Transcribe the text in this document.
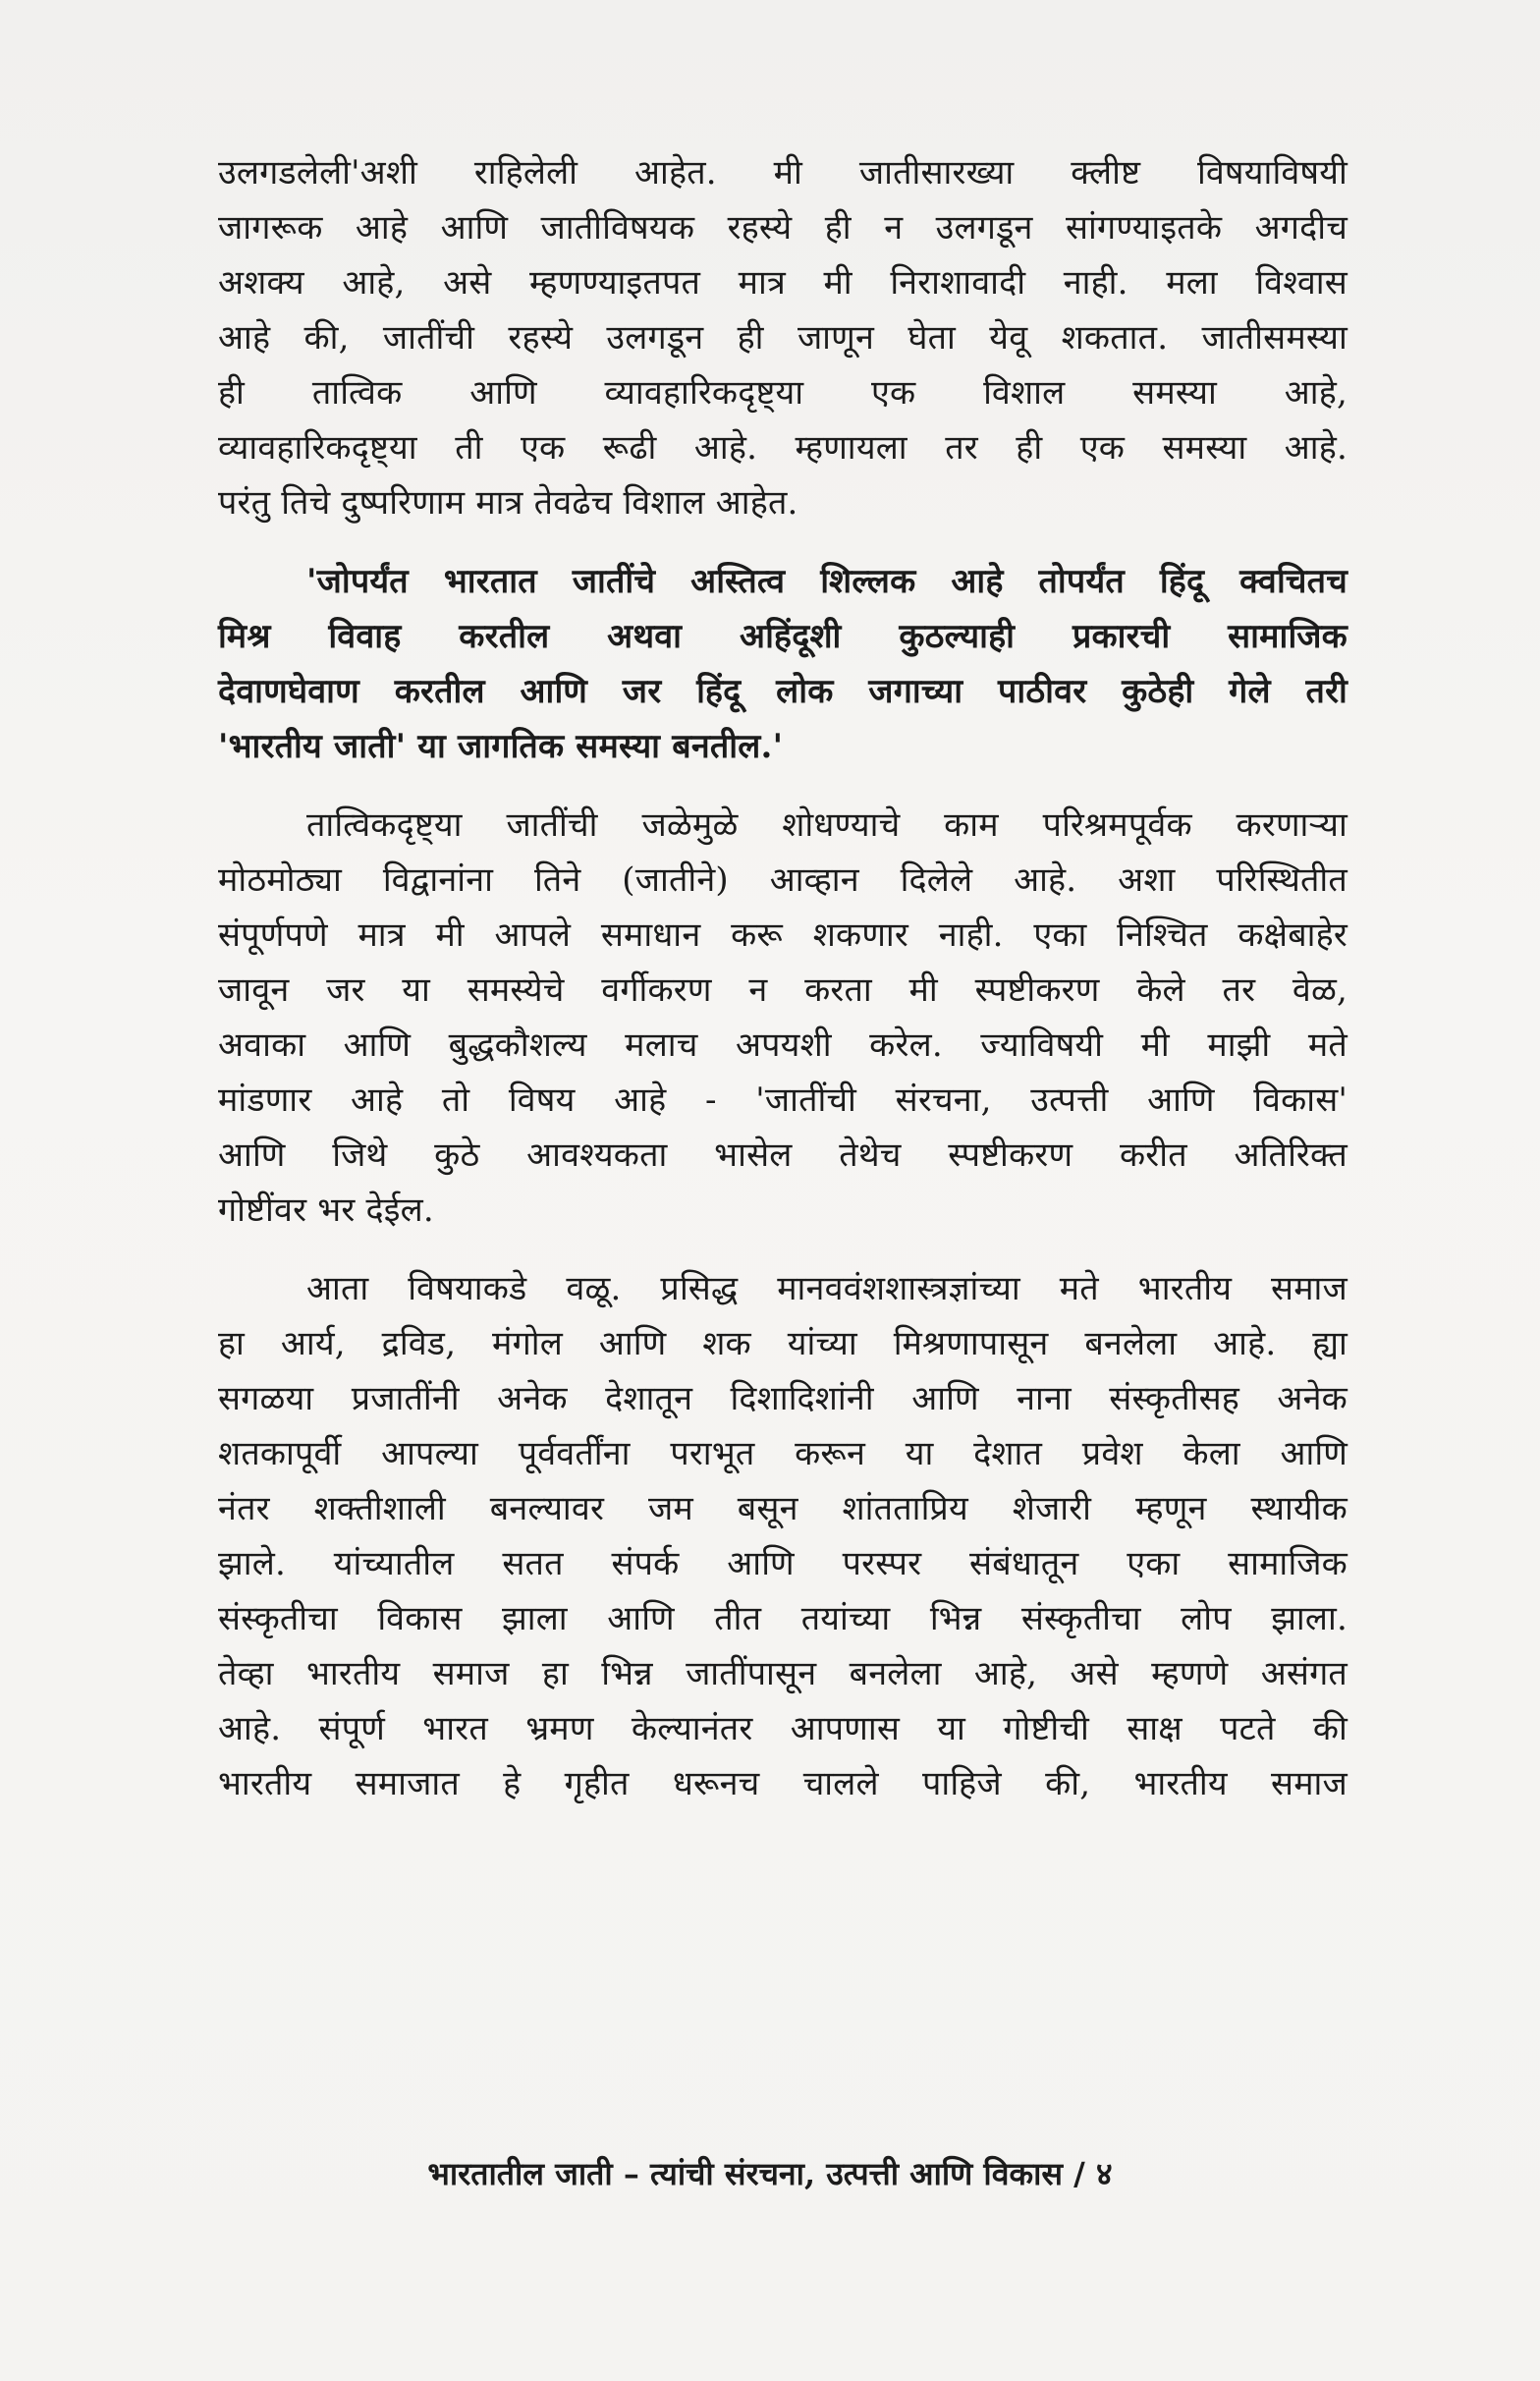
उलगडलेली'अशी राहिलेली आहेत. मी जातीसारख्या क्लीष्ट विषयाविषयी
जागरूक आहे आणि जातीविषयक रहस्ये ही न उलगडून सांगण्याइतके अगदीच
अशक्य आहे, असे म्हणण्याइतपत मात्र मी निराशावादी नाही. मला विश्वास
आहे की, जातींची रहस्ये उलगडून ही जाणून घेता येवू शकतात. जातीसमस्या
ही तात्विक आणि व्यावहारिकदृष्ट्या एक विशाल समस्या आहे,
व्यावहारिकदृष्ट्या ती एक रूढी आहे. म्हणायला तर ही एक समस्या आहे.
परंतु तिचे दुष्परिणाम मात्र तेवढेच विशाल आहेत.
'जोपर्यंत भारतात जातींचे अस्तित्व शिल्लक आहे तोपर्यंत हिंदू क्वचितच
मिश्र विवाह करतील अथवा अहिंदूशी कुठल्याही प्रकारची सामाजिक
देवाणघेवाण करतील आणि जर हिंदू लोक जगाच्या पाठीवर कुठेही गेले तरी
'भारतीय जाती' या जागतिक समस्या बनतील.'
तात्विकदृष्ट्या जातींची जळेमुळे शोधण्याचे काम परिश्रमपूर्वक करणाऱ्या
मोठमोठ्या विद्वानांना तिने (जातीने) आव्हान दिलेले आहे. अशा परिस्थितीत
संपूर्णपणे मात्र मी आपले समाधान करू शकणार नाही. एका निश्चित कक्षेबाहेर
जावून जर या समस्येचे वर्गीकरण न करता मी स्पष्टीकरण केले तर वेळ,
अवाका आणि बुद्धकौशल्य मलाच अपयशी करेल. ज्याविषयी मी माझी मते
मांडणार आहे तो विषय आहे - 'जातींची संरचना, उत्पत्ती आणि विकास'
आणि जिथे कुठे आवश्यकता भासेल तेथेच स्पष्टीकरण करीत अतिरिक्त
गोष्टींवर भर देईल.
आता विषयाकडे वळू. प्रसिद्ध मानववंशशास्त्रज्ञांच्या मते भारतीय समाज
हा आर्य, द्रविड, मंगोल आणि शक यांच्या मिश्रणापासून बनलेला आहे. ह्या
सगळया प्रजातींनी अनेक देशातून दिशादिशांनी आणि नाना संस्कृतीसह अनेक
शतकापूर्वी आपल्या पूर्ववर्तींना पराभूत करून या देशात प्रवेश केला आणि
नंतर शक्तीशाली बनल्यावर जम बसून शांतताप्रिय शेजारी म्हणून स्थायीक
झाले. यांच्यातील सतत संपर्क आणि परस्पर संबंधातून एका सामाजिक
संस्कृतीचा विकास झाला आणि तीत तयांच्या भिन्न संस्कृतीचा लोप झाला.
तेव्हा भारतीय समाज हा भिन्न जातींपासून बनलेला आहे, असे म्हणणे असंगत
आहे. संपूर्ण भारत भ्रमण केल्यानंतर आपणास या गोष्टीची साक्ष पटते की
भारतीय समाजात हे गृहीत धरूनच चालले पाहिजे की, भारतीय समाज
भारतातील जाती – त्यांची संरचना, उत्पत्ती आणि विकास / ४
